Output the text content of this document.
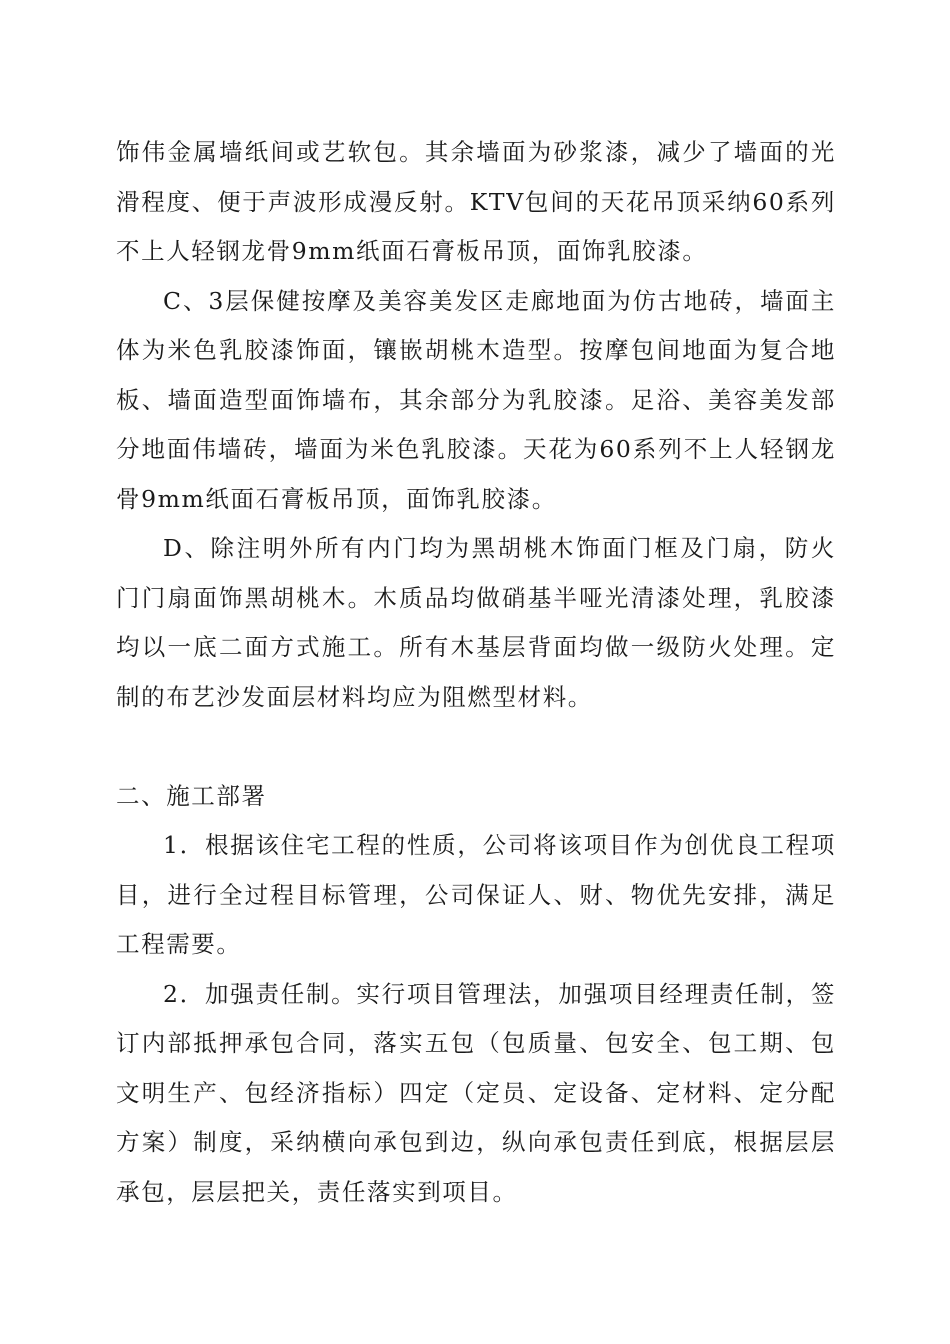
饰伟金属墙纸间或艺软包。其余墙面为砂浆漆，减少了墙面的光滑程度、便于声波形成漫反射。KTV包间的天花吊顶采纳60系列不上人轻钢龙骨9mm纸面石膏板吊顶，面饰乳胶漆。

C、3层保健按摩及美容美发区走廊地面为仿古地砖，墙面主体为米色乳胶漆饰面，镶嵌胡桃木造型。按摩包间地面为复合地板、墙面造型面饰墙布，其余部分为乳胶漆。足浴、美容美发部分地面伟墙砖，墙面为米色乳胶漆。天花为60系列不上人轻钢龙骨9mm纸面石膏板吊顶，面饰乳胶漆。

D、除注明外所有内门均为黑胡桃木饰面门框及门扇，防火门门扇面饰黑胡桃木。木质品均做硝基半哑光清漆处理，乳胶漆均以一底二面方式施工。所有木基层背面均做一级防火处理。定制的布艺沙发面层材料均应为阻燃型材料。

二、施工部署

1．根据该住宅工程的性质，公司将该项目作为创优良工程项目，进行全过程目标管理，公司保证人、财、物优先安排，满足工程需要。

2．加强责任制。实行项目管理法，加强项目经理责任制，签订内部抵押承包合同，落实五包（包质量、包安全、包工期、包文明生产、包经济指标）四定（定员、定设备、定材料、定分配方案）制度，采纳横向承包到边，纵向承包责任到底，根据层层承包，层层把关，责任落实到项目。
